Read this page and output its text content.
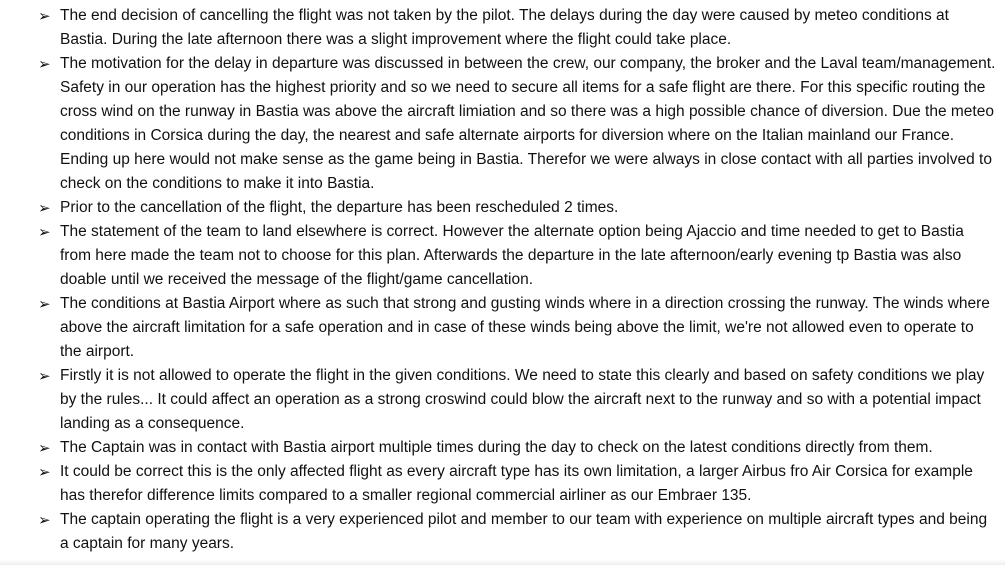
➢ The end decision of cancelling the flight was not taken by the pilot. The delays during the day were caused by meteo conditions at Bastia. During the late afternoon there was a slight improvement where the flight could take place.
➢ The motivation for the delay in departure was discussed in between the crew, our company, the broker and the Laval team/management. Safety in our operation has the highest priority and so we need to secure all items for a safe flight are there. For this specific routing the cross wind on the runway in Bastia was above the aircraft limiation and so there was a high possible chance of diversion. Due the meteo conditions in Corsica during the day, the nearest and safe alternate airports for diversion where on the Italian mainland our France. Ending up here would not make sense as the game being in Bastia. Therefor we were always in close contact with all parties involved to check on the conditions to make it into Bastia.
➢ Prior to the cancellation of the flight, the departure has been rescheduled 2 times.
➢ The statement of the team to land elsewhere is correct. However the alternate option being Ajaccio and time needed to get to Bastia from here made the team not to choose for this plan. Afterwards the departure in the late afternoon/early evening tp Bastia was also doable until we received the message of the flight/game cancellation.
➢ The conditions at Bastia Airport where as such that strong and gusting winds where in a direction crossing the runway. The winds where above the aircraft limitation for a safe operation and in case of these winds being above the limit, we're not allowed even to operate to the airport.
➢ Firstly it is not allowed to operate the flight in the given conditions. We need to state this clearly and based on safety conditions we play by the rules... It could affect an operation as a strong croswind could blow the aircraft next to the runway and so with a potential impact landing as a consequence.
➢ The Captain was in contact with Bastia airport multiple times during the day to check on the latest conditions directly from them.
➢ It could be correct this is the only affected flight as every aircraft type has its own limitation, a larger Airbus fro Air Corsica for example has therefor difference limits compared to a smaller regional commercial airliner as our Embraer 135.
➢ The captain operating the flight is a very experienced pilot and member to our team with experience on multiple aircraft types and being a captain for many years.
